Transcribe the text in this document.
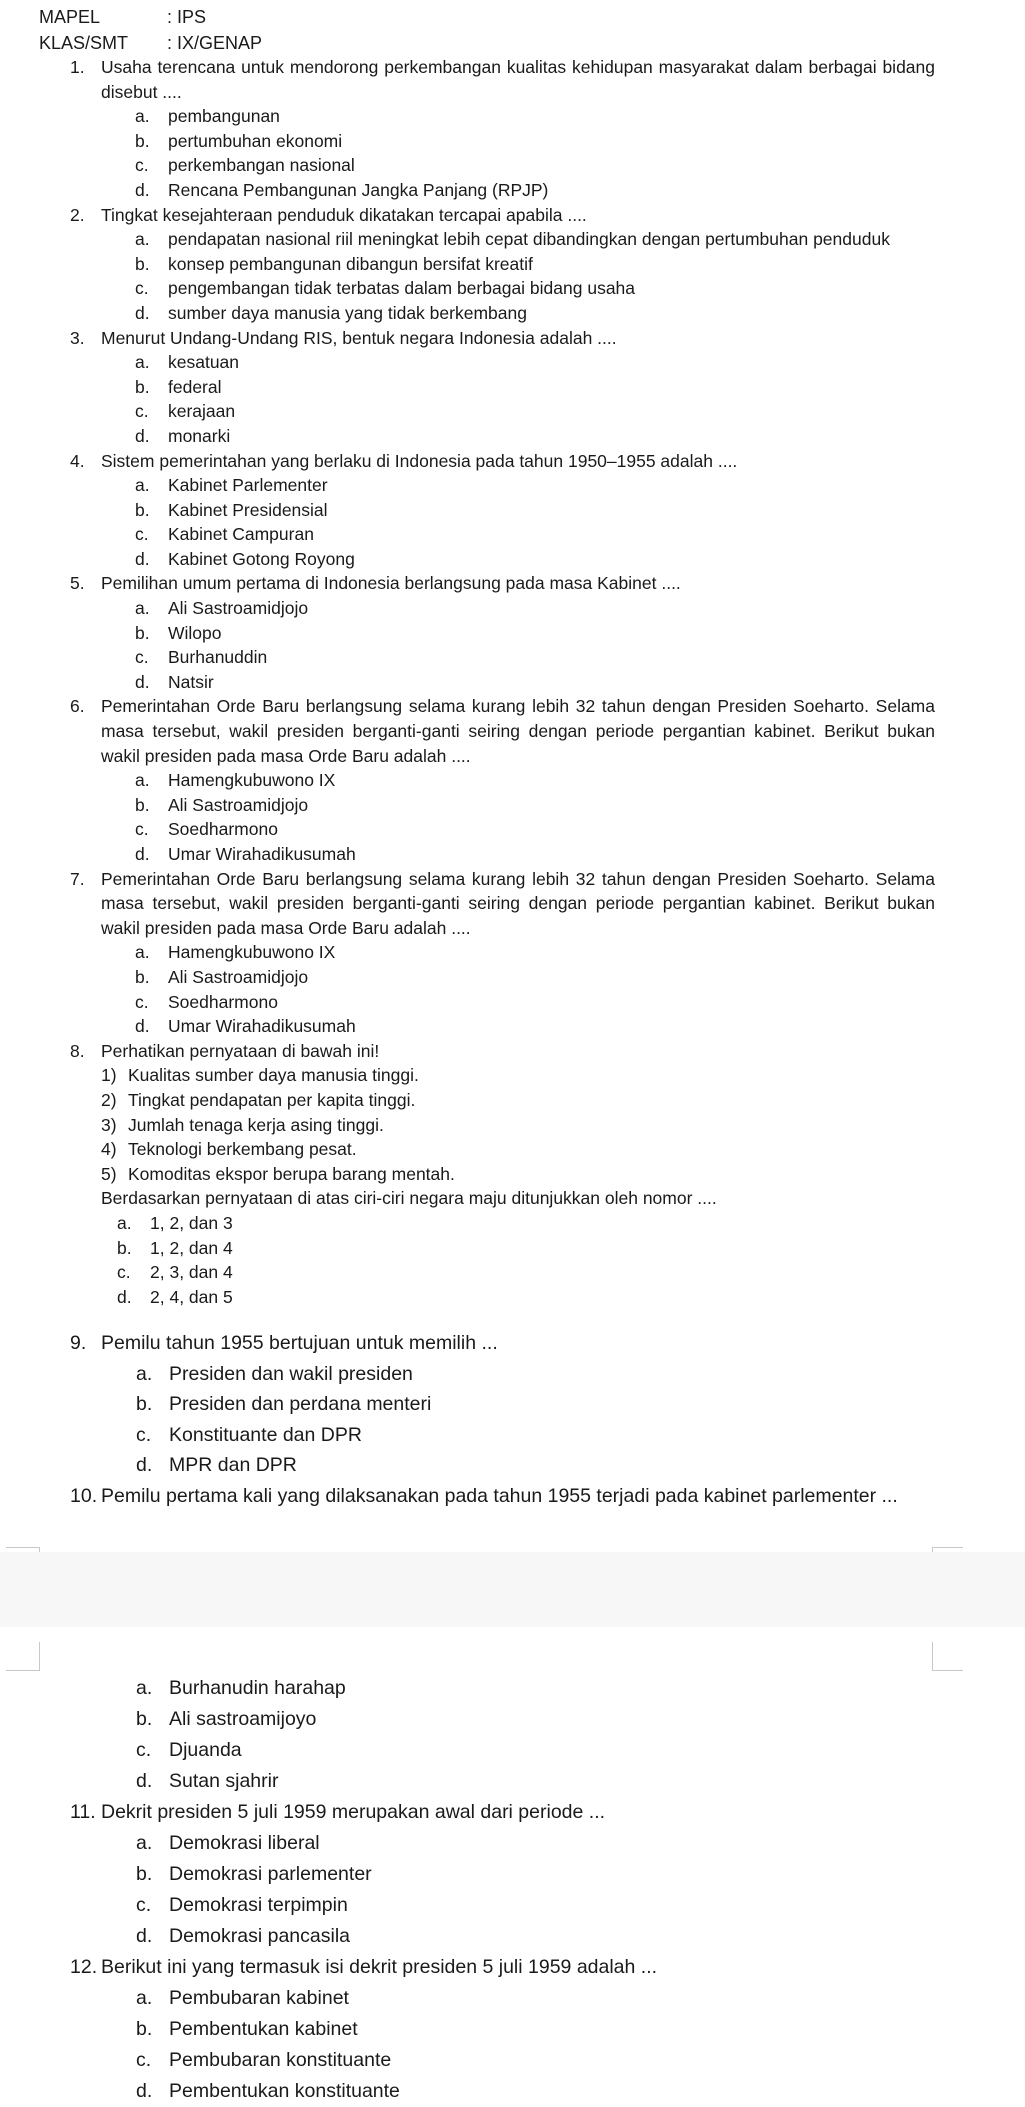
MAPEL	: IPS
KLAS/SMT : IX/GENAP

1. Usaha terencana untuk mendorong perkembangan kualitas kehidupan masyarakat dalam berbagai bidang disebut ....

a. pembangunan

b. pertumbuhan ekonomi

c. perkembangan nasional

d. Rencana Pembangunan Jangka Panjang (RPJP)

2. Tingkat kesejahteraan penduduk dikatakan tercapai apabila ....

a. pendapatan nasional riil meningkat lebih cepat dibandingkan dengan pertumbuhan penduduk

b. konsep pembangunan dibangun bersifat kreatif

c. pengembangan tidak terbatas dalam berbagai bidang usaha

d. sumber daya manusia yang tidak berkembang

3. Menurut Undang-Undang RIS, bentuk negara Indonesia adalah ....

a. kesatuan

b. federal

c. kerajaan

d. monarki

4. Sistem pemerintahan yang berlaku di Indonesia pada tahun 1950–1955 adalah ....

a. Kabinet Parlementer

b. Kabinet Presidensial

c. Kabinet Campuran

d. Kabinet Gotong Royong

5. Pemilihan umum pertama di Indonesia berlangsung pada masa Kabinet ....

a. Ali Sastroamidjojo

b. Wilopo

c. Burhanuddin

d. Natsir

6. Pemerintahan Orde Baru berlangsung selama kurang lebih 32 tahun dengan Presiden Soeharto. Selama masa tersebut, wakil presiden berganti-ganti seiring dengan periode pergantian kabinet. Berikut bukan wakil presiden pada masa Orde Baru adalah ....

a. Hamengkubuwono IX

b. Ali Sastroamidjojo

c. Soedharmono

d. Umar Wirahadikusumah

7. Pemerintahan Orde Baru berlangsung selama kurang lebih 32 tahun dengan Presiden Soeharto. Selama masa tersebut, wakil presiden berganti-ganti seiring dengan periode pergantian kabinet. Berikut bukan wakil presiden pada masa Orde Baru adalah ....

a. Hamengkubuwono IX

b. Ali Sastroamidjojo

c. Soedharmono

d. Umar Wirahadikusumah

8. Perhatikan pernyataan di bawah ini!

1) Kualitas sumber daya manusia tinggi.

2) Tingkat pendapatan per kapita tinggi.

3) Jumlah tenaga kerja asing tinggi.

4) Teknologi berkembang pesat.

5) Komoditas ekspor berupa barang mentah.

Berdasarkan pernyataan di atas ciri-ciri negara maju ditunjukkan oleh nomor ....

a. 1, 2, dan 3

b. 1, 2, dan 4

c. 2, 3, dan 4

d. 2, 4, dan 5

9. Pemilu tahun 1955 bertujuan untuk memilih ...

a. Presiden dan wakil presiden

b. Presiden dan perdana menteri

c. Konstituante dan DPR

d. MPR dan DPR

10. Pemilu pertama kali yang dilaksanakan pada tahun 1955 terjadi pada kabinet parlementer ...

a. Burhanudin harahap

b. Ali sastroamijoyo

c. Djuanda

d. Sutan sjahrir

11. Dekrit presiden 5 juli 1959 merupakan awal dari periode ...

a. Demokrasi liberal

b. Demokrasi parlementer

c. Demokrasi terpimpin

d. Demokrasi pancasila

12. Berikut ini yang termasuk isi dekrit presiden 5 juli 1959 adalah ...

a. Pembubaran kabinet

b. Pembentukan kabinet

c. Pembubaran konstituante

d. Pembentukan konstituante
